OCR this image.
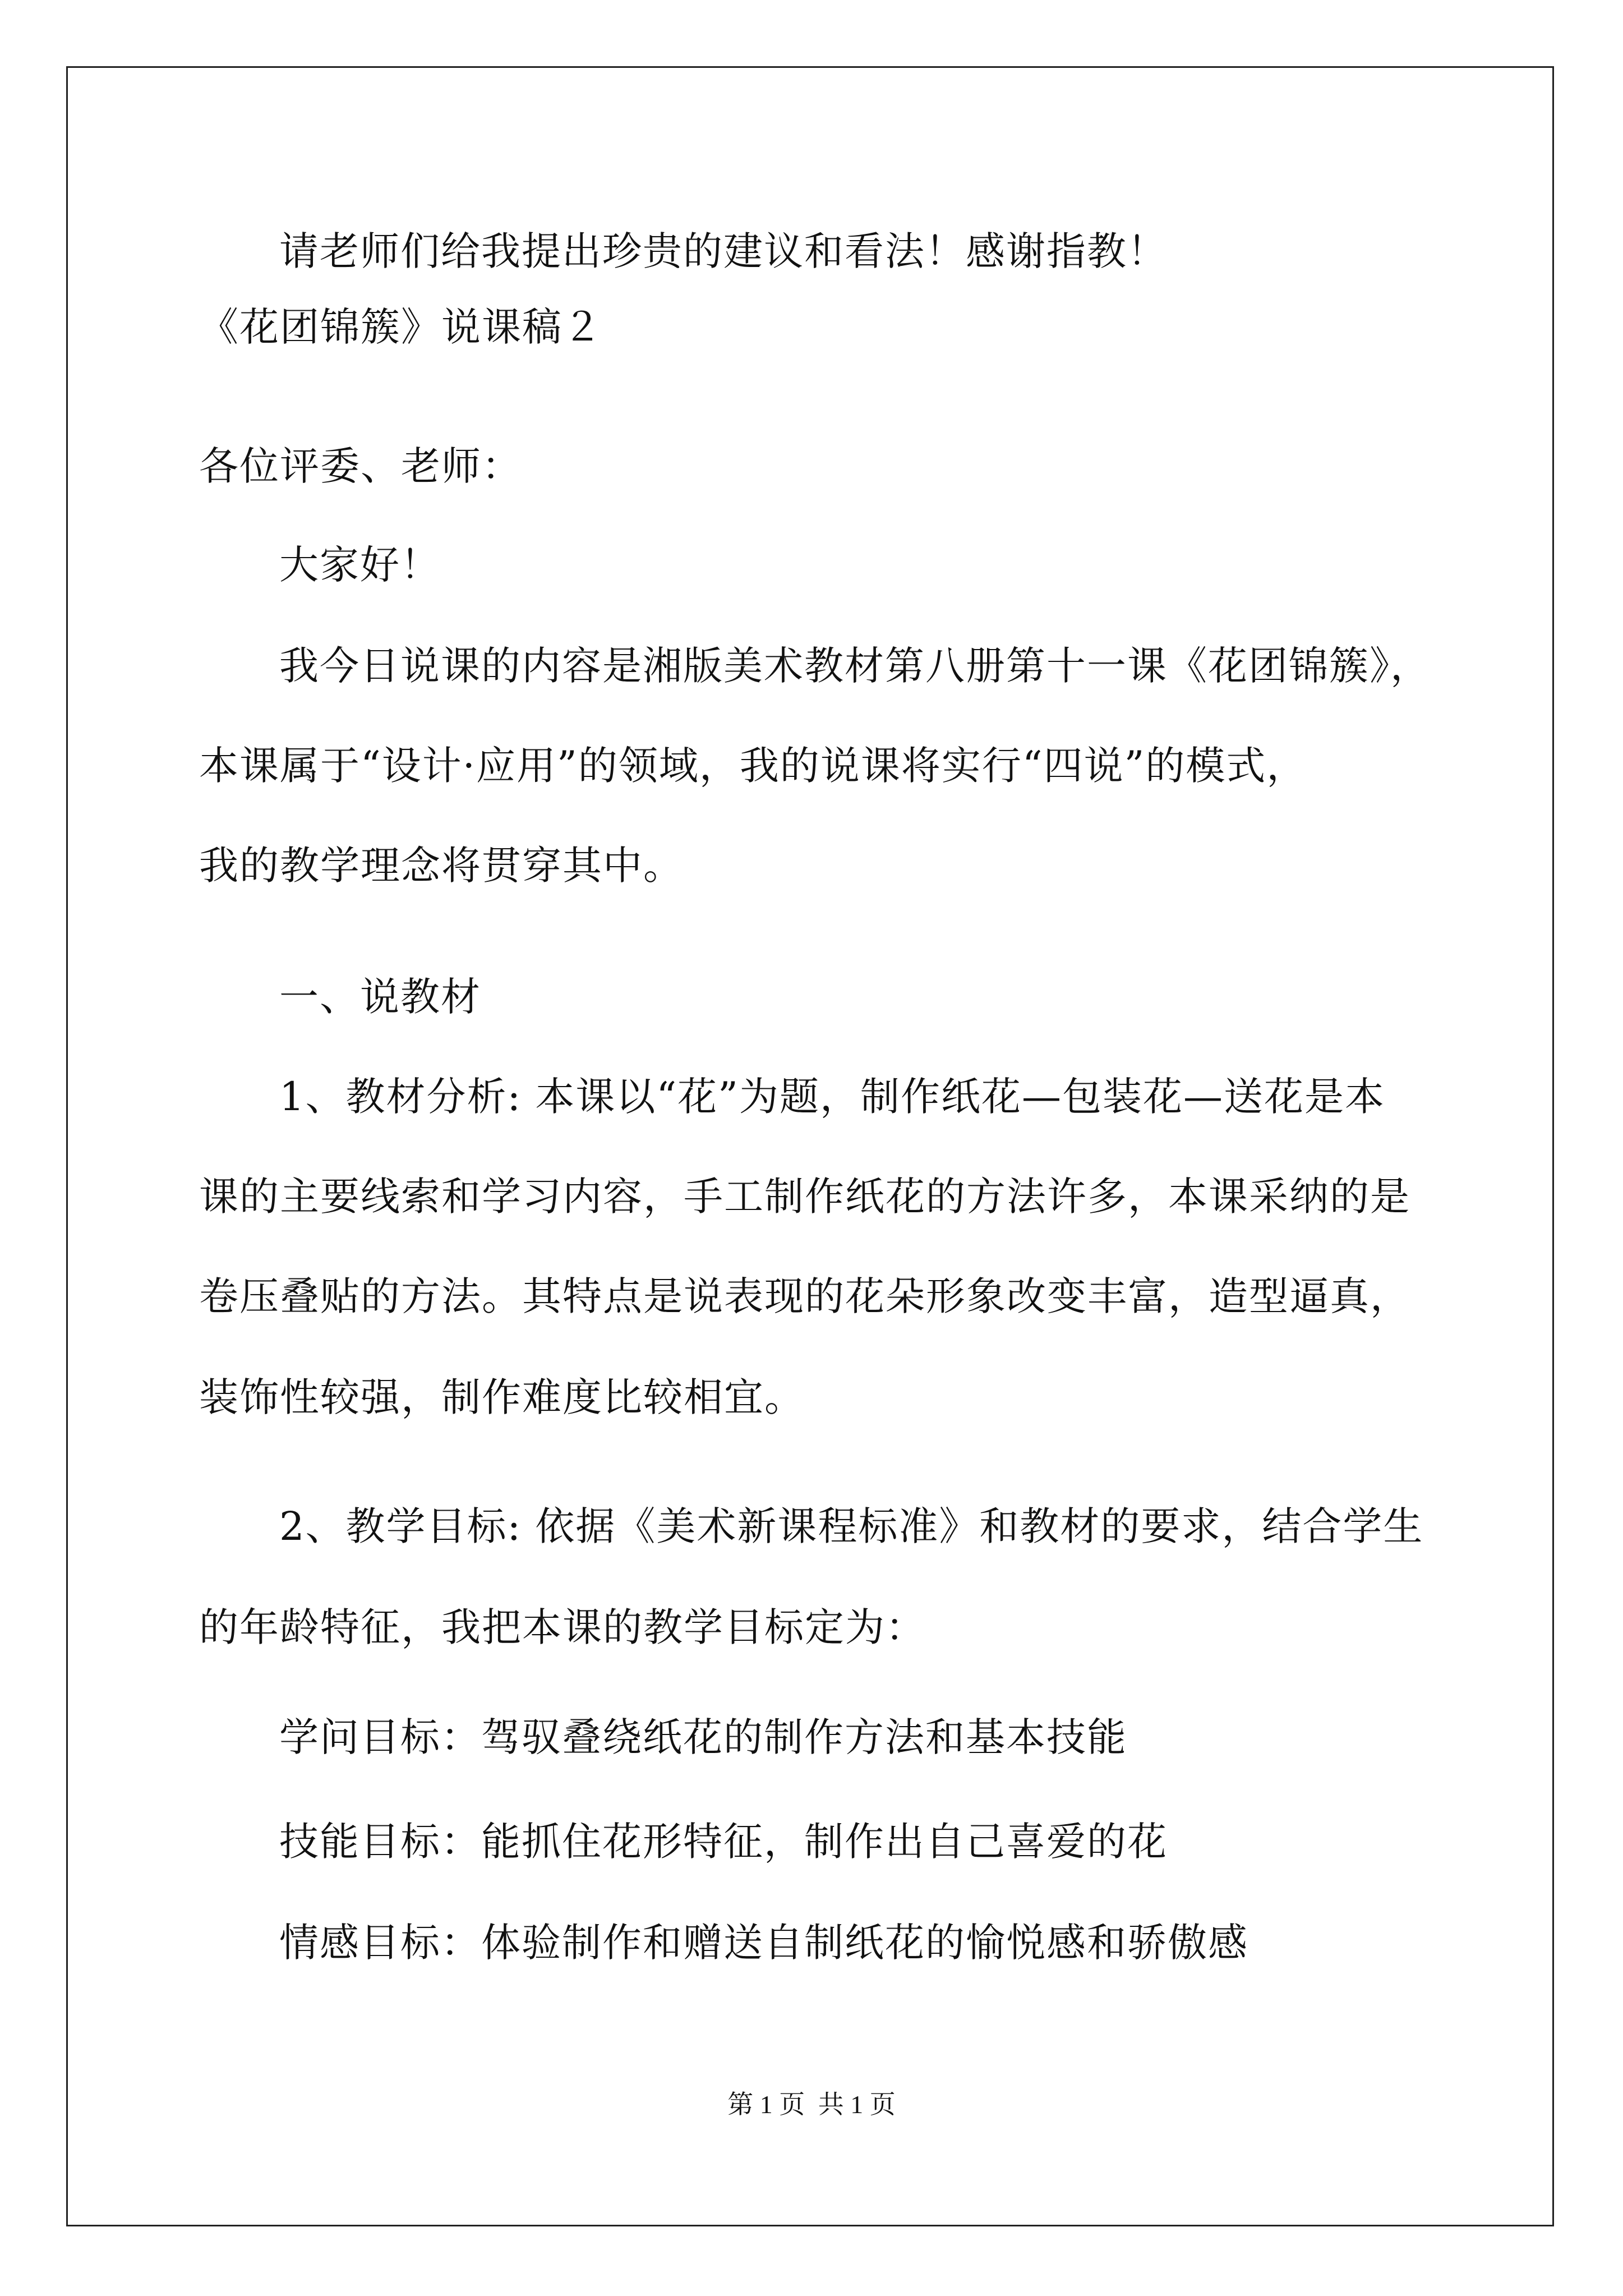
请老师们给我提出珍贵的建议和看法！感谢指教！
《花团锦簇》说课稿２
各位评委、老师：
大家好！
我今日说课的内容是湘版美术教材第八册第十一课《花团锦簇》，
本课属于“设计·应用”的领域，我的说课将实行“四说”的模式，
我的教学理念将贯穿其中。
一、说教材
1、教材分析: 本课以“花”为题，制作纸花—包装花—送花是本
课的主要线索和学习内容，手工制作纸花的方法许多，本课采纳的是
卷压叠贴的方法。其特点是说表现的花朵形象改变丰富，造型逼真，
装饰性较强，制作难度比较相宜。
2、教学目标: 依据《美术新课程标准》和教材的要求，结合学生
的年龄特征，我把本课的教学目标定为：
学问目标：驾驭叠绕纸花的制作方法和基本技能
技能目标：能抓住花形特征，制作出自己喜爱的花
情感目标：体验制作和赠送自制纸花的愉悦感和骄傲感
第 1 页 共 1 页
